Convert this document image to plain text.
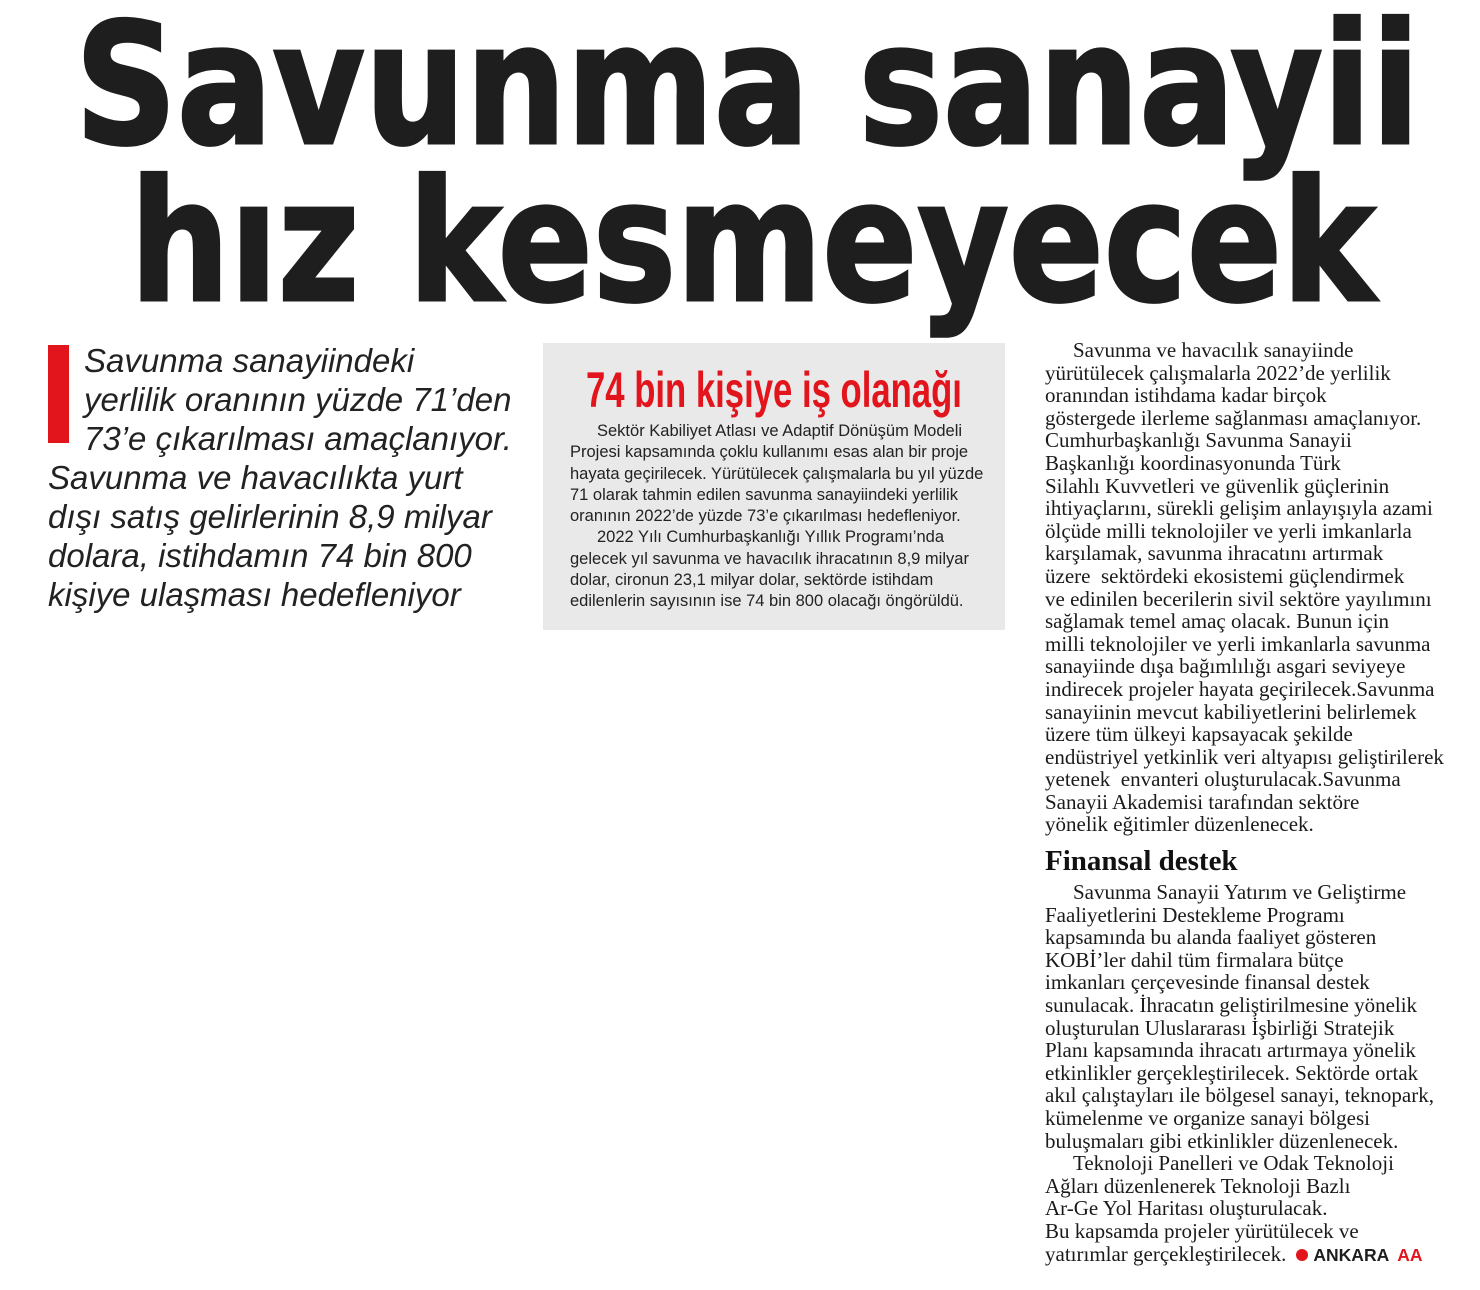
Savunma sanayii
hız kesmeyecek
Savunma sanayiindeki
yerlilik oranının yüzde 71’den
73’e çıkarılması amaçlanıyor.
Savunma ve havacılıkta yurt
dışı satış gelirlerinin 8,9 milyar
dolara, istihdamın 74 bin 800
kişiye ulaşması hedefleniyor
74 bin kişiye iş olanağı
Sektör Kabiliyet Atlası ve Adaptif Dönüşüm Modeli
Projesi kapsamında çoklu kullanımı esas alan bir proje
hayata geçirilecek. Yürütülecek çalışmalarla bu yıl yüzde
71 olarak tahmin edilen savunma sanayiindeki yerlilik
oranının 2022’de yüzde 73’e çıkarılması hedefleniyor.
2022 Yılı Cumhurbaşkanlığı Yıllık Programı’nda
gelecek yıl savunma ve havacılık ihracatının 8,9 milyar
dolar, cironun 23,1 milyar dolar, sektörde istihdam
edilenlerin sayısının ise 74 bin 800 olacağı öngörüldü.
Savunma ve havacılık sanayiinde
yürütülecek çalışmalarla 2022’de yerlilik
oranından istihdama kadar birçok
göstergede ilerleme sağlanması amaçlanıyor.
Cumhurbaşkanlığı Savunma Sanayii
Başkanlığı koordinasyonunda Türk
Silahlı Kuvvetleri ve güvenlik güçlerinin
ihtiyaçlarını, sürekli gelişim anlayışıyla azami
ölçüde milli teknolojiler ve yerli imkanlarla
karşılamak, savunma ihracatını artırmak
üzere  sektördeki ekosistemi güçlendirmek
ve edinilen becerilerin sivil sektöre yayılımını
sağlamak temel amaç olacak. Bunun için
milli teknolojiler ve yerli imkanlarla savunma
sanayiinde dışa bağımlılığı asgari seviyeye
indirecek projeler hayata geçirilecek.Savunma
sanayiinin mevcut kabiliyetlerini belirlemek
üzere tüm ülkeyi kapsayacak şekilde
endüstriyel yetkinlik veri altyapısı geliştirilerek
yetenek  envanteri oluşturulacak.Savunma
Sanayii Akademisi tarafından sektöre
yönelik eğitimler düzenlenecek.
Finansal destek
Savunma Sanayii Yatırım ve Geliştirme
Faaliyetlerini Destekleme Programı
kapsamında bu alanda faaliyet gösteren
KOBİ’ler dahil tüm firmalara bütçe
imkanları çerçevesinde finansal destek
sunulacak. İhracatın geliştirilmesine yönelik
oluşturulan Uluslararası İşbirliği Stratejik
Planı kapsamında ihracatı artırmaya yönelik
etkinlikler gerçekleştirilecek. Sektörde ortak
akıl çalıştayları ile bölgesel sanayi, teknopark,
kümelenme ve organize sanayi bölgesi
buluşmaları gibi etkinlikler düzenlenecek.
Teknoloji Panelleri ve Odak Teknoloji
Ağları düzenlenerek Teknoloji Bazlı
Ar-Ge Yol Haritası oluşturulacak.
Bu kapsamda projeler yürütülecek ve
yatırımlar gerçekleştirilecek. ANKARA AA
